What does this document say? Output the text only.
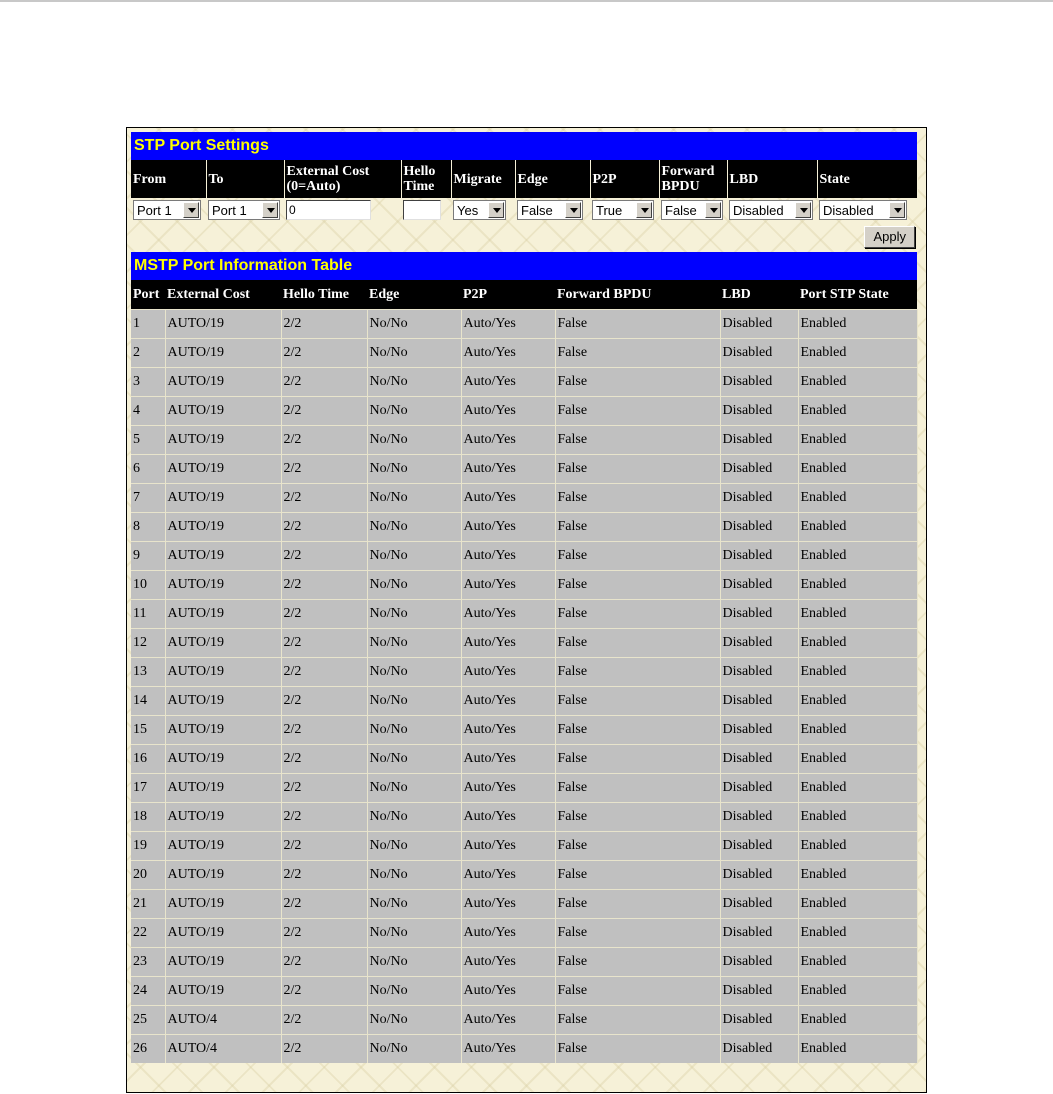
STP Port Settings
From	To	External Cost (0=Auto)	Hello Time	Migrate	Edge	P2P	Forward BPDU	LBD	State
Port 1	Port 1	0		Yes	False	True	False	Disabled	Disabled
Apply
MSTP Port Information Table
Port	External Cost	Hello Time	Edge	P2P	Forward BPDU	LBD	Port STP State
1	AUTO/19	2/2	No/No	Auto/Yes	False	Disabled	Enabled
2	AUTO/19	2/2	No/No	Auto/Yes	False	Disabled	Enabled
3	AUTO/19	2/2	No/No	Auto/Yes	False	Disabled	Enabled
4	AUTO/19	2/2	No/No	Auto/Yes	False	Disabled	Enabled
5	AUTO/19	2/2	No/No	Auto/Yes	False	Disabled	Enabled
6	AUTO/19	2/2	No/No	Auto/Yes	False	Disabled	Enabled
7	AUTO/19	2/2	No/No	Auto/Yes	False	Disabled	Enabled
8	AUTO/19	2/2	No/No	Auto/Yes	False	Disabled	Enabled
9	AUTO/19	2/2	No/No	Auto/Yes	False	Disabled	Enabled
10	AUTO/19	2/2	No/No	Auto/Yes	False	Disabled	Enabled
11	AUTO/19	2/2	No/No	Auto/Yes	False	Disabled	Enabled
12	AUTO/19	2/2	No/No	Auto/Yes	False	Disabled	Enabled
13	AUTO/19	2/2	No/No	Auto/Yes	False	Disabled	Enabled
14	AUTO/19	2/2	No/No	Auto/Yes	False	Disabled	Enabled
15	AUTO/19	2/2	No/No	Auto/Yes	False	Disabled	Enabled
16	AUTO/19	2/2	No/No	Auto/Yes	False	Disabled	Enabled
17	AUTO/19	2/2	No/No	Auto/Yes	False	Disabled	Enabled
18	AUTO/19	2/2	No/No	Auto/Yes	False	Disabled	Enabled
19	AUTO/19	2/2	No/No	Auto/Yes	False	Disabled	Enabled
20	AUTO/19	2/2	No/No	Auto/Yes	False	Disabled	Enabled
21	AUTO/19	2/2	No/No	Auto/Yes	False	Disabled	Enabled
22	AUTO/19	2/2	No/No	Auto/Yes	False	Disabled	Enabled
23	AUTO/19	2/2	No/No	Auto/Yes	False	Disabled	Enabled
24	AUTO/19	2/2	No/No	Auto/Yes	False	Disabled	Enabled
25	AUTO/4	2/2	No/No	Auto/Yes	False	Disabled	Enabled
26	AUTO/4	2/2	No/No	Auto/Yes	False	Disabled	Enabled
